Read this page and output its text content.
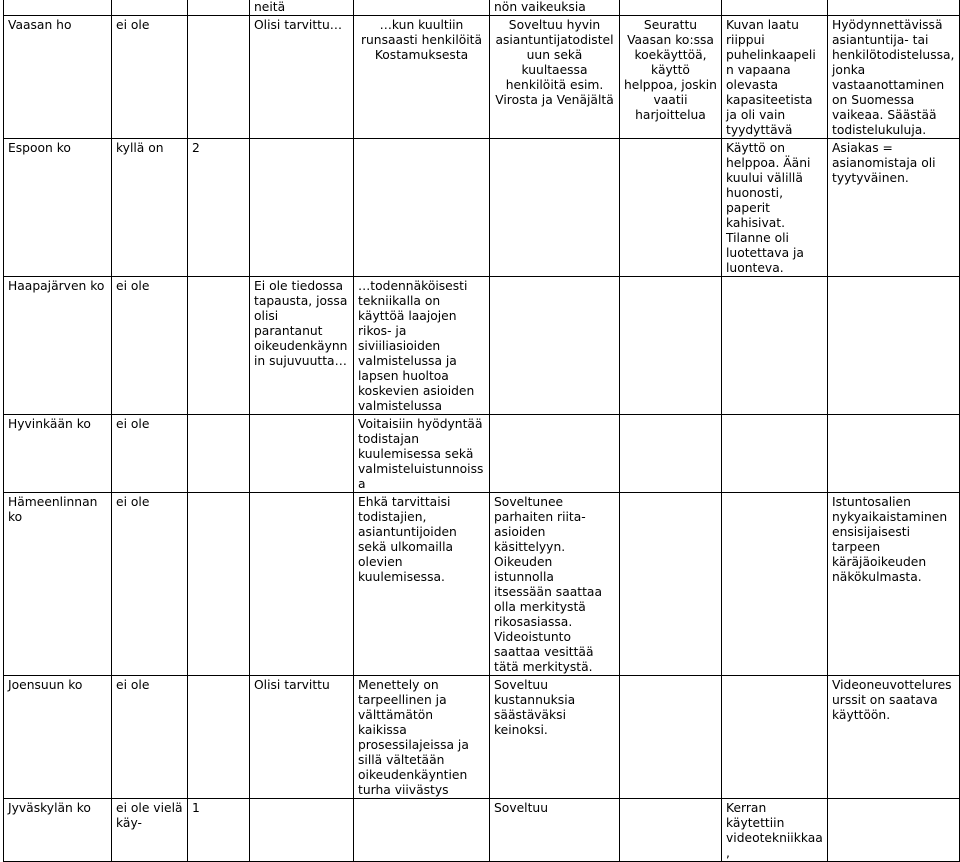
			neitä		nön vaikeuksia			
Vaasan ho	ei ole		Olisi tarvittu…	…kun kuultiin runsaasti henkilöitä Kostamuksesta	Soveltuu hyvin asiantuntijatodisteluun sekä kuultaessa henkilöitä esim. Virosta ja Venäjältä	Seurattu Vaasan ko:ssa koekäyttöä, käyttö helppoa, joskin vaatii harjoittelua	Kuvan laatu riippui puhelinkaapelin vapaana olevasta kapasiteetista ja oli vain tyydyttävä	Hyödynnettävissä asiantuntija- tai henkilötodistelussa, jonka vastaanottaminen on Suomessa vaikeaa. Säästää todistelukuluja.
Espoon ko	kyllä on	2					Käyttö on helppoa. Ääni kuului välillä huonosti, paperit kahisivat. Tilanne oli luotettava ja luonteva.	Asiakas = asianomistaja oli tyytyväinen.
Haapajärven ko	ei ole		Ei ole tiedossa tapausta, jossa olisi parantanut oikeudenkäynnin sujuvuutta…	…todennäköisesti tekniikalla on käyttöä laajojen rikos- ja siviiliasioiden valmistelussa ja lapsen huoltoa koskevien asioiden valmistelussa				
Hyvinkään ko	ei ole			Voitaisiin hyödyntää todistajan kuulemisessa sekä valmisteluistunnoissa				
Hämeenlinnan ko	ei ole			Ehkä tarvittaisi todistajien, asiantuntijoiden sekä ulkomailla olevien kuulemisessa.	Soveltunee parhaiten riita-asioiden käsittelyyn. Oikeuden istunnolla itsessään saattaa olla merkitystä rikosasiassa. Videoistunto saattaa vesittää tätä merkitystä.			Istuntosalien nykyaikaistaminen ensisijaisesti tarpeen käräjäoikeuden näkökulmasta.
Joensuun ko	ei ole		Olisi tarvittu	Menettely on tarpeellinen ja välttämätön kaikissa prosessilajeissa ja sillä vältetään oikeudenkäyntien turha viivästys	Soveltuu kustannuksia säästäväksi keinoksi.			Videoneuvotteluresurssit on saatava käyttöön.
Jyväskylän ko	ei ole vielä käy-	1			Soveltuu		Kerran käytettiin videotekniikkaa,	
